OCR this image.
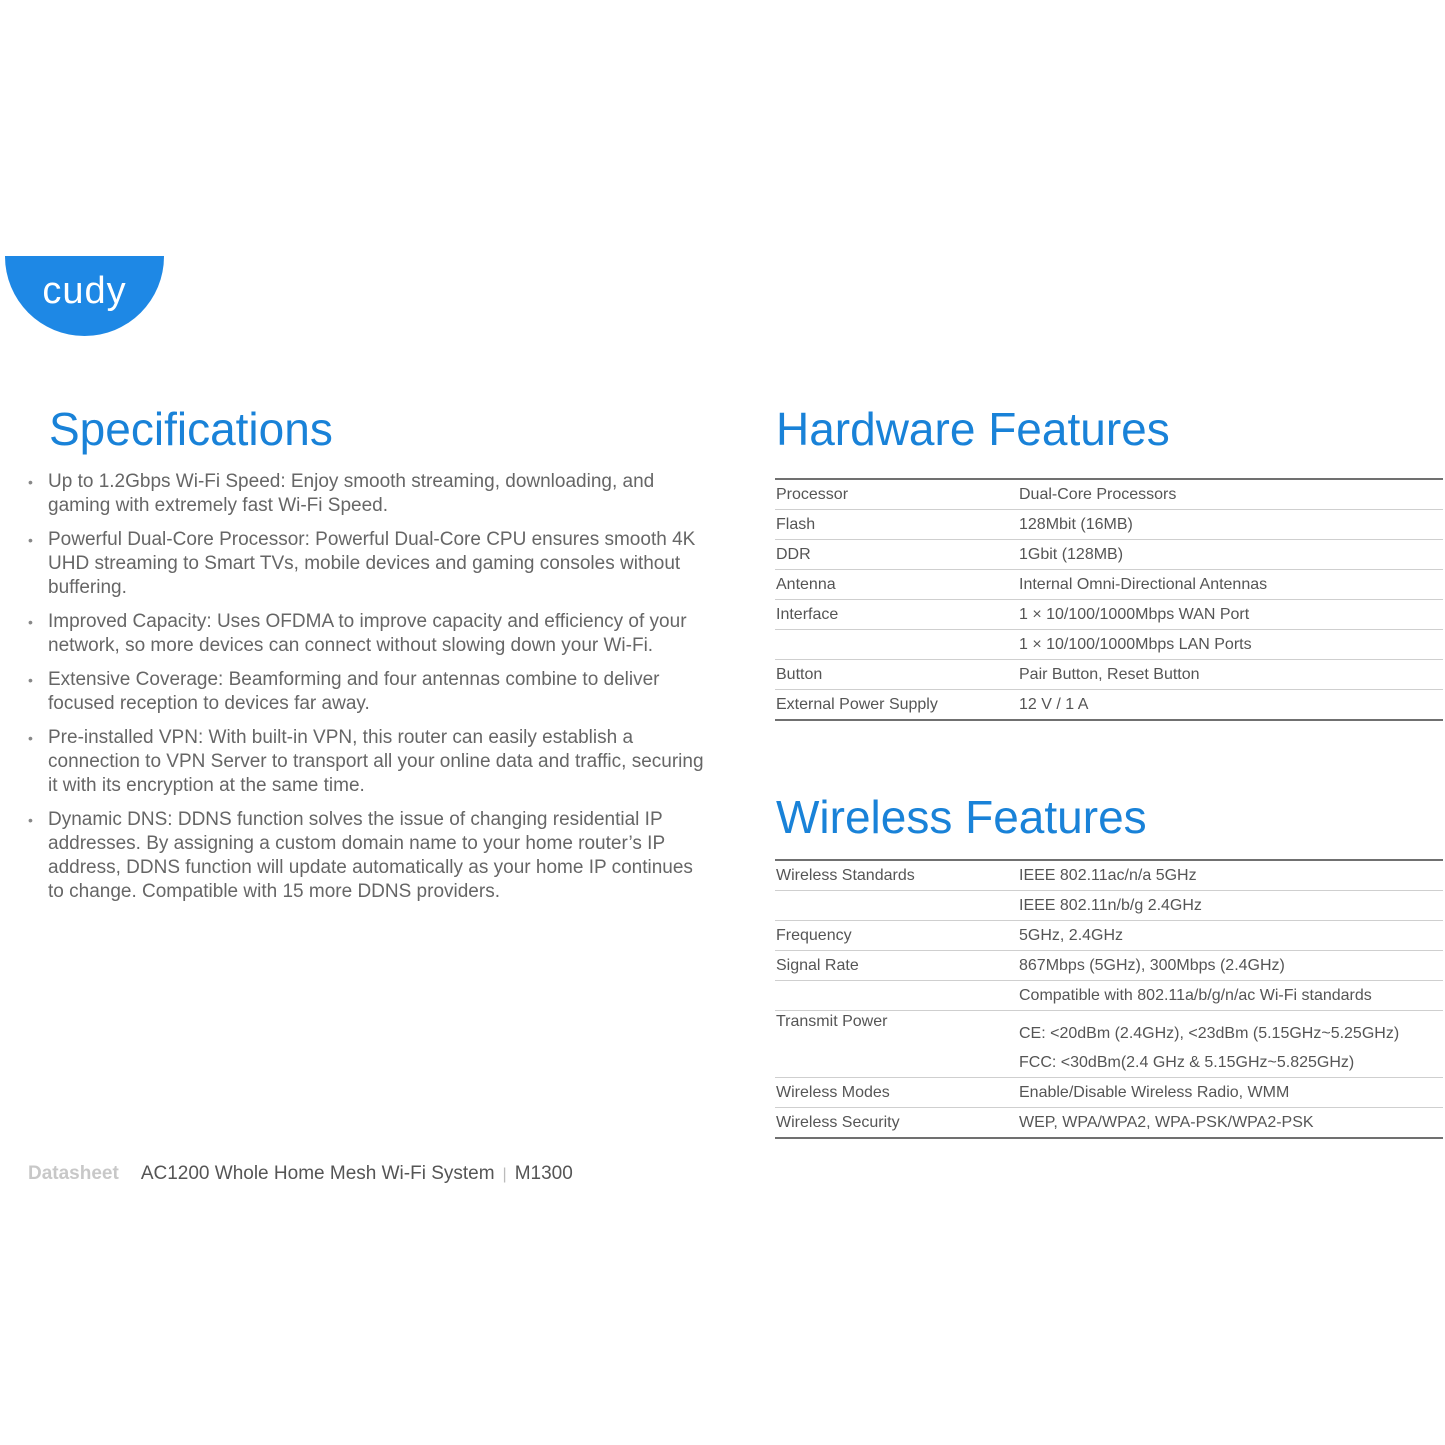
cudy
Specifications
• Up to 1.2Gbps Wi-Fi Speed: Enjoy smooth streaming, downloading, and gaming with extremely fast Wi-Fi Speed.
• Powerful Dual-Core Processor: Powerful Dual-Core CPU ensures smooth 4K UHD streaming to Smart TVs, mobile devices and gaming consoles without buffering.
• Improved Capacity: Uses OFDMA to improve capacity and efficiency of your network, so more devices can connect without slowing down your Wi-Fi.
• Extensive Coverage: Beamforming and four antennas combine to deliver focused reception to devices far away.
• Pre-installed VPN: With built-in VPN, this router can easily establish a connection to VPN Server to transport all your online data and traffic, securing it with its encryption at the same time.
• Dynamic DNS: DDNS function solves the issue of changing residential IP addresses. By assigning a custom domain name to your home router’s IP address, DDNS function will update automatically as your home IP continues to change. Compatible with 15 more DDNS providers.
Hardware Features
Processor	Dual-Core Processors
Flash	128Mbit (16MB)
DDR	1Gbit (128MB)
Antenna	Internal Omni-Directional Antennas
Interface	1 × 10/100/1000Mbps WAN Port
	1 × 10/100/1000Mbps LAN Ports
Button	Pair Button, Reset Button
External Power Supply	12 V / 1 A
Wireless Features
Wireless Standards	IEEE 802.11ac/n/a 5GHz
	IEEE 802.11n/b/g 2.4GHz
Frequency	5GHz, 2.4GHz
Signal Rate	867Mbps (5GHz), 300Mbps (2.4GHz)
	Compatible with 802.11a/b/g/n/ac Wi-Fi standards
Transmit Power	CE: <20dBm (2.4GHz), <23dBm (5.15GHz~5.25GHz)
	FCC: <30dBm(2.4 GHz & 5.15GHz~5.825GHz)
Wireless Modes	Enable/Disable Wireless Radio, WMM
Wireless Security	WEP, WPA/WPA2, WPA-PSK/WPA2-PSK
Datasheet AC1200 Whole Home Mesh Wi-Fi System | M1300
